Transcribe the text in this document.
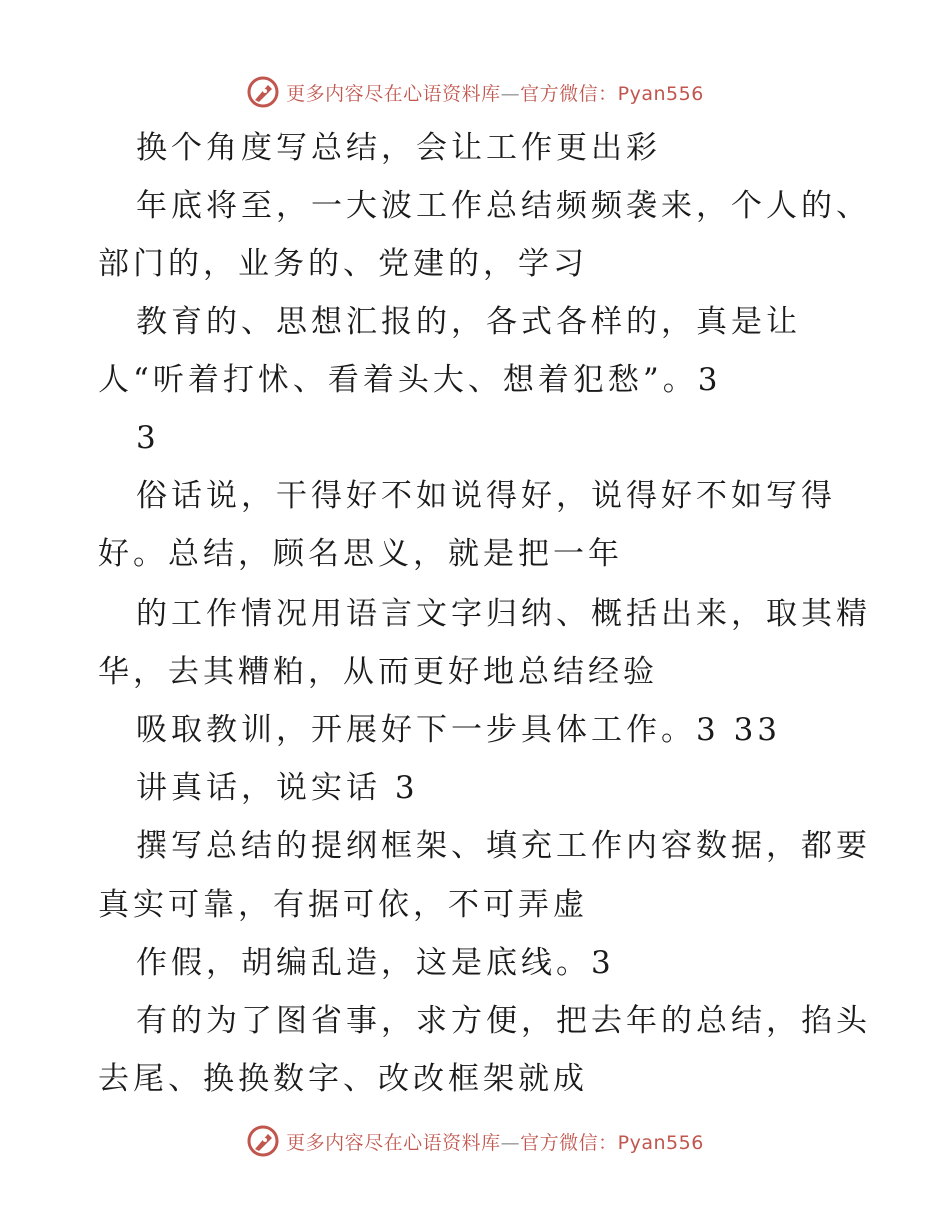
更多内容尽在心语资料库—官方微信：Pyan556
换个角度写总结，会让工作更出彩
年底将至，一大波工作总结频频袭来，个人的、
部门的，业务的、党建的，学习
教育的、思想汇报的，各式各样的，真是让
人“听着打怵、看着头大、想着犯愁”。3
3
俗话说，干得好不如说得好，说得好不如写得
好。总结，顾名思义，就是把一年
的工作情况用语言文字归纳、概括出来，取其精
华，去其糟粕，从而更好地总结经验
吸取教训，开展好下一步具体工作。3 33
讲真话，说实话 3
撰写总结的提纲框架、填充工作内容数据，都要
真实可靠，有据可依，不可弄虚
作假，胡编乱造，这是底线。3
有的为了图省事，求方便，把去年的总结，掐头
去尾、换换数字、改改框架就成
更多内容尽在心语资料库—官方微信：Pyan556
